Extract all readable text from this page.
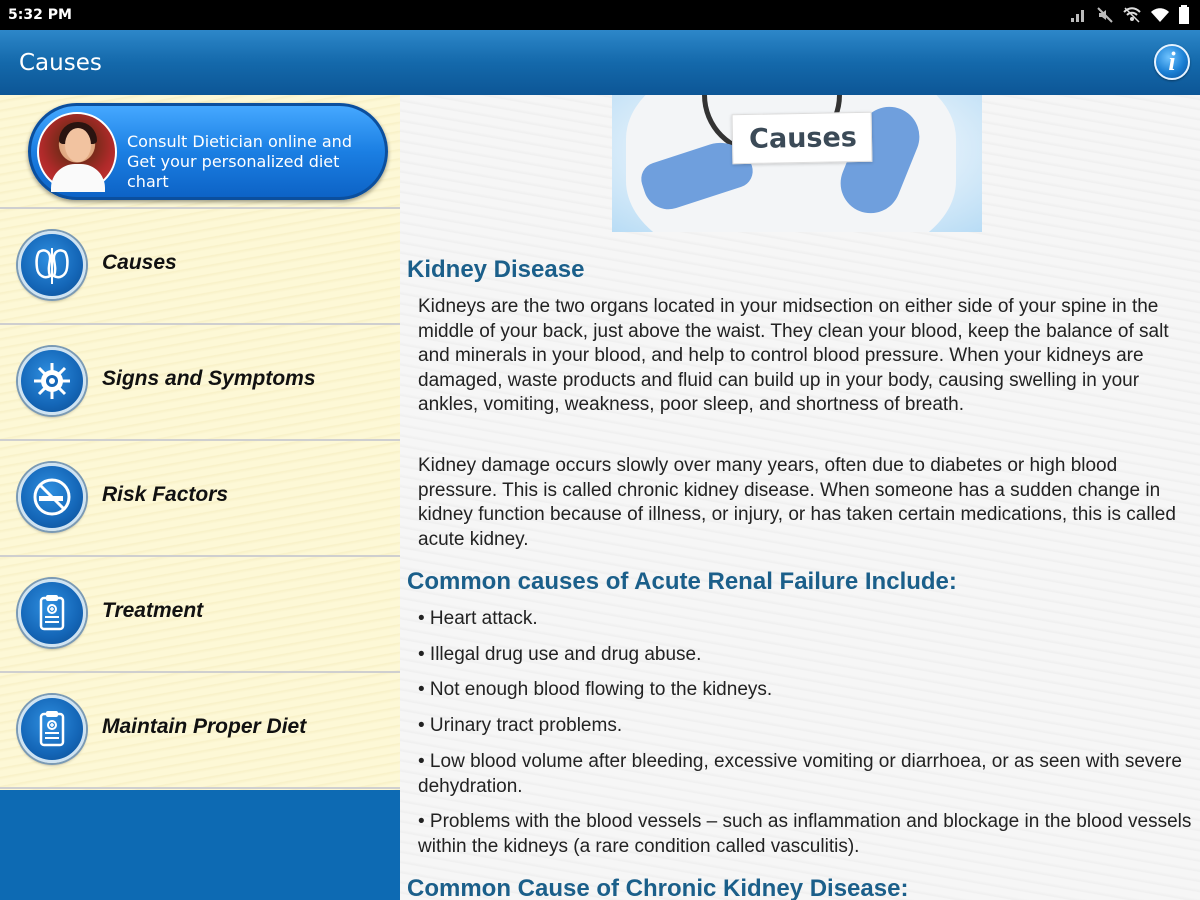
5:32 PM
Causes	i
Consult Dietician online and
Get your personalized diet chart
Causes
Signs and Symptoms
Risk Factors
Treatment
Maintain Proper Diet
Causes
Kidney Disease
Kidneys are the two organs located in your midsection on either side of your spine in the middle of your back, just above the waist. They clean your blood, keep the balance of salt and minerals in your blood, and help to control blood pressure. When your kidneys are damaged, waste products and fluid can build up in your body, causing swelling in your ankles, vomiting, weakness, poor sleep, and shortness of breath.
Kidney damage occurs slowly over many years, often due to diabetes or high blood pressure. This is called chronic kidney disease. When someone has a sudden change in kidney function because of illness, or injury, or has taken certain medications, this is called acute kidney.
Common causes of Acute Renal Failure Include:
• Heart attack.
• Illegal drug use and drug abuse.
• Not enough blood flowing to the kidneys.
• Urinary tract problems.
• Low blood volume after bleeding, excessive vomiting or diarrhoea, or as seen with severe dehydration.
• Problems with the blood vessels – such as inflammation and blockage in the blood vessels within the kidneys (a rare condition called vasculitis).
Common Cause of Chronic Kidney Disease:
